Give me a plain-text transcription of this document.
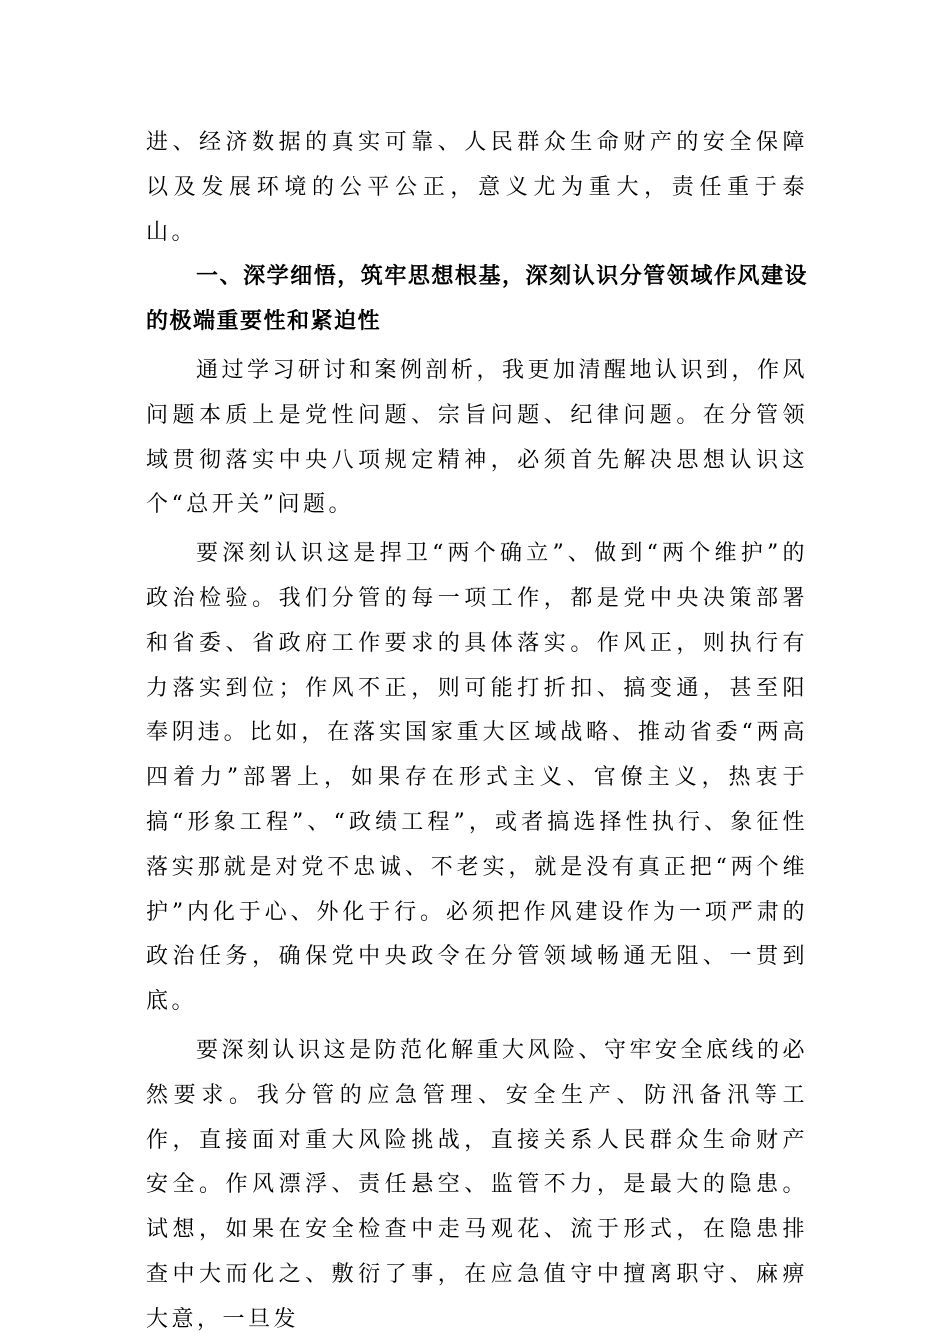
进、经济数据的真实可靠、人民群众生命财产的安全保障以及发展环境的公平公正，意义尤为重大，责任重于泰山。

一、深学细悟，筑牢思想根基，深刻认识分管领域作风建设的极端重要性和紧迫性

通过学习研讨和案例剖析，我更加清醒地认识到，作风问题本质上是党性问题、宗旨问题、纪律问题。在分管领域贯彻落实中央八项规定精神，必须首先解决思想认识这个“总开关”问题。

要深刻认识这是捍卫“两个确立”、做到“两个维护”的政治检验。我们分管的每一项工作，都是党中央决策部署和省委、省政府工作要求的具体落实。作风正，则执行有力落实到位；作风不正，则可能打折扣、搞变通，甚至阳奉阴违。比如，在落实国家重大区域战略、推动省委“两高四着力”部署上，如果存在形式主义、官僚主义，热衷于搞“形象工程”、“政绩工程”，或者搞选择性执行、象征性落实那就是对党不忠诚、不老实，就是没有真正把“两个维护”内化于心、外化于行。必须把作风建设作为一项严肃的政治任务，确保党中央政令在分管领域畅通无阻、一贯到底。

要深刻认识这是防范化解重大风险、守牢安全底线的必然要求。我分管的应急管理、安全生产、防汛备汛等工作，直接面对重大风险挑战，直接关系人民群众生命财产安全。作风漂浮、责任悬空、监管不力，是最大的隐患。试想，如果在安全检查中走马观花、流于形式，在隐患排查中大而化之、敷衍了事，在应急值守中擅离职守、麻痹大意，一旦发
